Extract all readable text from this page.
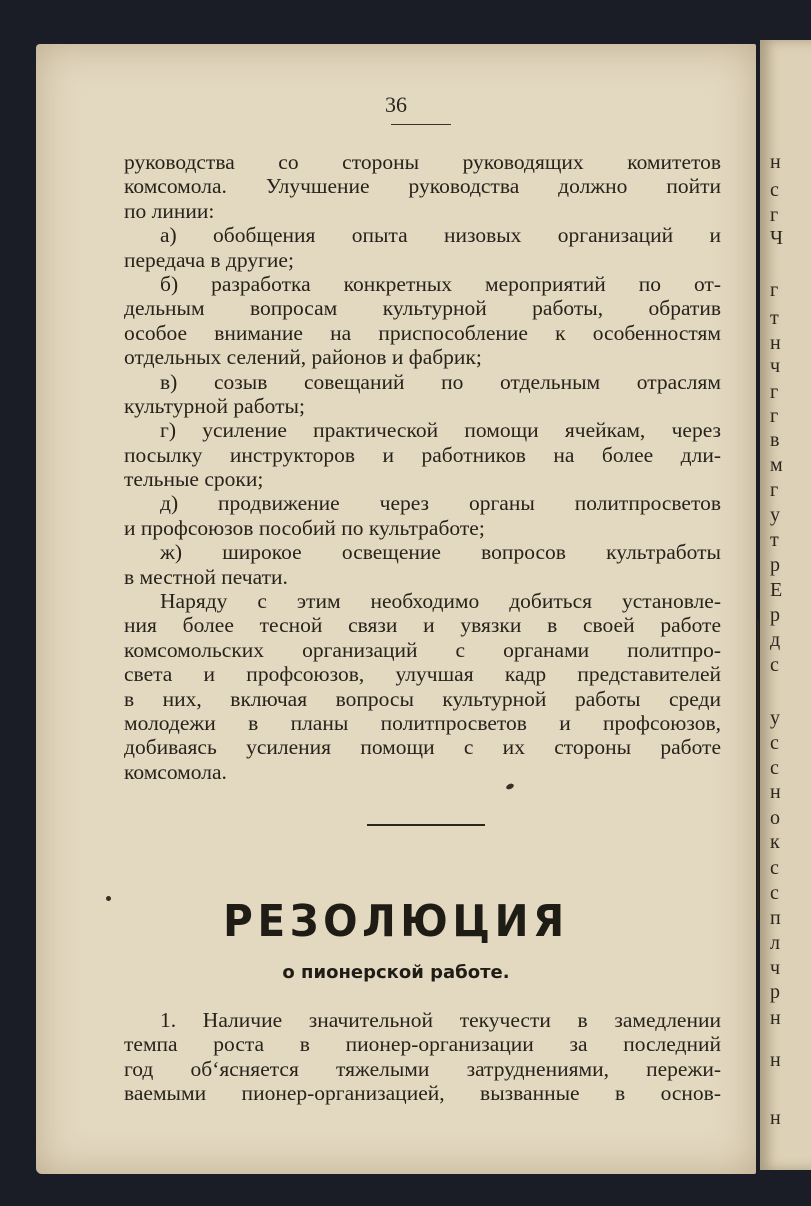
36
руководства со стороны руководящих комитетов
комсомола. Улучшение руководства должно пойти
по линии:
а) обобщения опыта низовых организаций и
передача в другие;
б) разработка конкретных мероприятий по от-
дельным вопросам культурной работы, обратив
особое внимание на приспособление к особенностям
отдельных селений, районов и фабрик;
в) созыв совещаний по отдельным отраслям
культурной работы;
г) усиление практической помощи ячейкам, через
посылку инструкторов и работников на более дли-
тельные сроки;
д) продвижение через органы политпросветов
и профсоюзов пособий по культработе;
ж) широкое освещение вопросов культработы
в местной печати.
Наряду с этим необходимо добиться установле-
ния более тесной связи и увязки в своей работе
комсомольских организаций с органами политпро-
света и профсоюзов, улучшая кадр представителей
в них, включая вопросы культурной работы среди
молодежи в планы политпросветов и профсоюзов,
добиваясь усиления помощи с их стороны работе
комсомола.
РЕЗОЛЮЦИЯ
о пионерской работе.
1. Наличие значительной текучести в замедлении
темпа роста в пионер-организации за последний
год об‘ясняется тяжелыми затруднениями, пережи-
ваемыми пионер-организацией, вызванные в основ-
н
с
г
Ч
г
т
н
ч
г
г
в
м
г
у
т
р
Е
р
д
с
у
с
с
н
о
к
с
с
п
л
ч
р
н
н
н
